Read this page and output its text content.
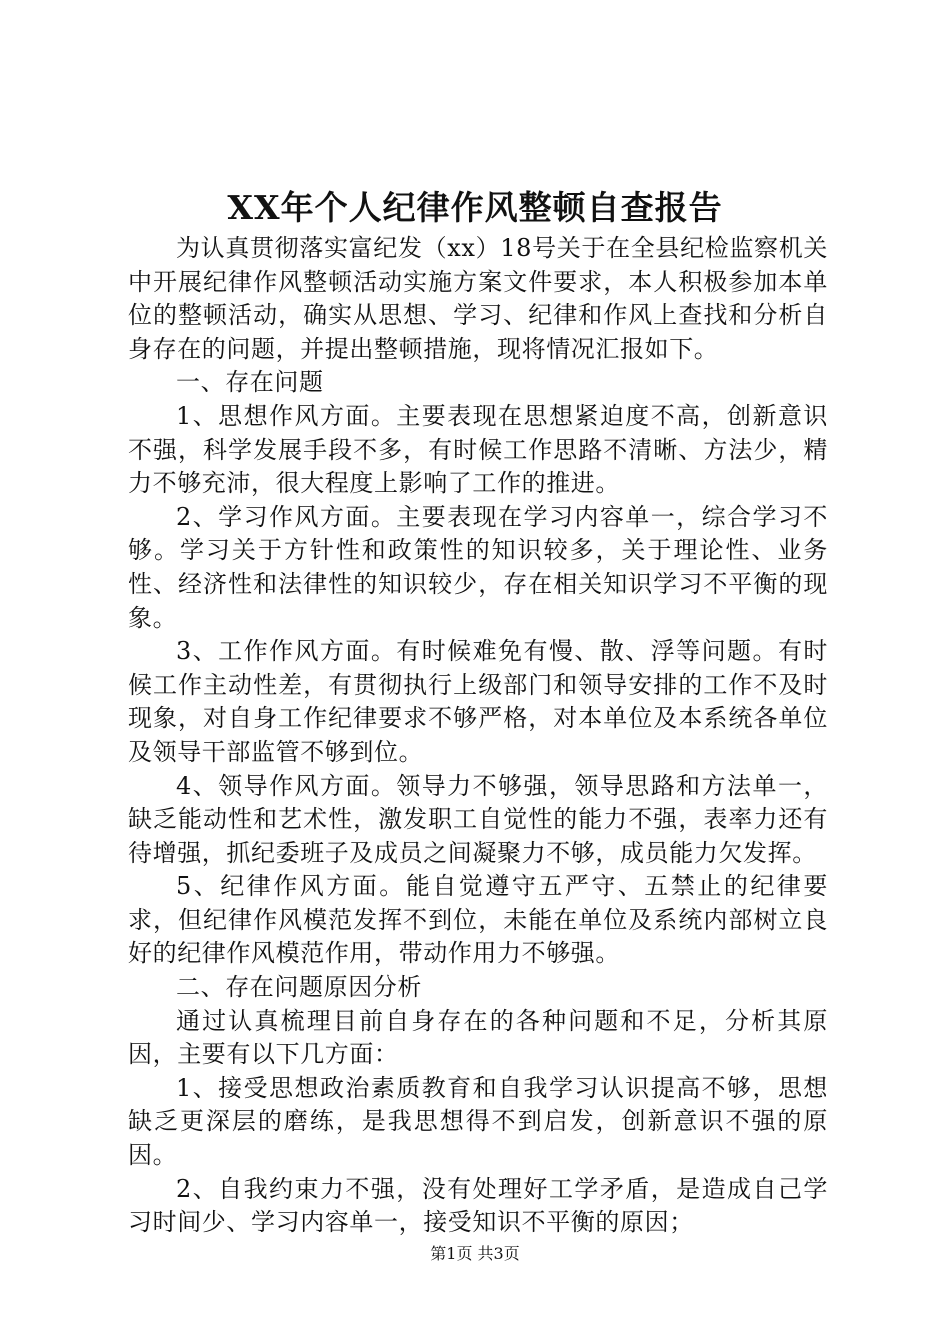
XX年个人纪律作风整顿自查报告

为认真贯彻落实富纪发（xx）18号关于在全县纪检监察机关中开展纪律作风整顿活动实施方案文件要求，本人积极参加本单位的整顿活动，确实从思想、学习、纪律和作风上查找和分析自身存在的问题，并提出整顿措施，现将情况汇报如下。

一、存在问题

1、思想作风方面。主要表现在思想紧迫度不高，创新意识不强，科学发展手段不多，有时候工作思路不清晰、方法少，精力不够充沛，很大程度上影响了工作的推进。

2、学习作风方面。主要表现在学习内容单一，综合学习不够。学习关于方针性和政策性的知识较多，关于理论性、业务性、经济性和法律性的知识较少，存在相关知识学习不平衡的现象。

3、工作作风方面。有时候难免有慢、散、浮等问题。有时候工作主动性差，有贯彻执行上级部门和领导安排的工作不及时现象，对自身工作纪律要求不够严格，对本单位及本系统各单位及领导干部监管不够到位。

4、领导作风方面。领导力不够强，领导思路和方法单一，缺乏能动性和艺术性，激发职工自觉性的能力不强，表率力还有待增强，抓纪委班子及成员之间凝聚力不够，成员能力欠发挥。

5、纪律作风方面。能自觉遵守五严守、五禁止的纪律要求，但纪律作风模范发挥不到位，未能在单位及系统内部树立良好的纪律作风模范作用，带动作用力不够强。

二、存在问题原因分析

通过认真梳理目前自身存在的各种问题和不足，分析其原因，主要有以下几方面：

1、接受思想政治素质教育和自我学习认识提高不够，思想缺乏更深层的磨练，是我思想得不到启发，创新意识不强的原因。

2、自我约束力不强，没有处理好工学矛盾，是造成自己学习时间少、学习内容单一，接受知识不平衡的原因；

第1页 共3页
